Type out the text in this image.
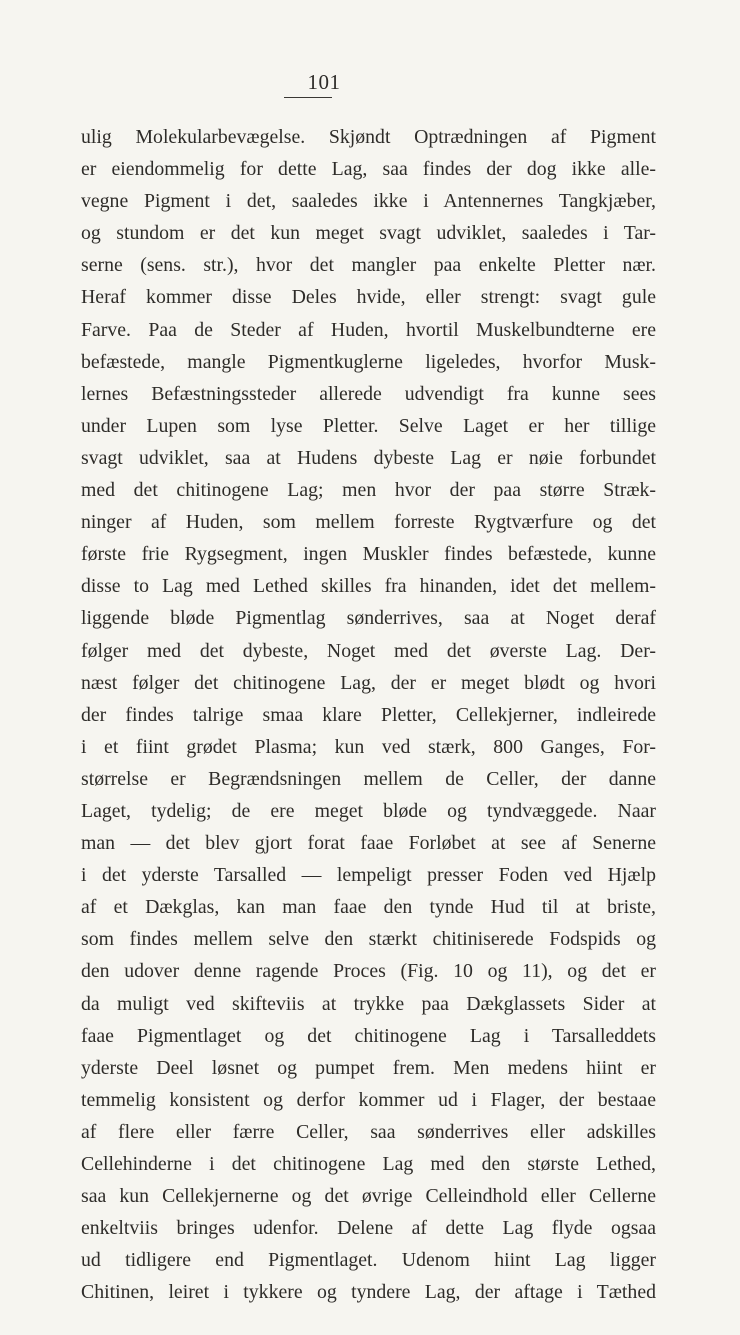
101
ulig Molekularbevægelse. Skjøndt Optrædningen af Pigment
er eiendommelig for dette Lag, saa findes der dog ikke alle-
vegne Pigment i det, saaledes ikke i Antennernes Tangkjæber,
og stundom er det kun meget svagt udviklet, saaledes i Tar-
serne (sens. str.), hvor det mangler paa enkelte Pletter nær.
Heraf kommer disse Deles hvide, eller strengt: svagt gule
Farve. Paa de Steder af Huden, hvortil Muskelbundterne ere
befæstede, mangle Pigmentkuglerne ligeledes, hvorfor Musk-
lernes Befæstningssteder allerede udvendigt fra kunne sees
under Lupen som lyse Pletter. Selve Laget er her tillige
svagt udviklet, saa at Hudens dybeste Lag er nøie forbundet
med det chitinogene Lag; men hvor der paa større Stræk-
ninger af Huden, som mellem forreste Rygtværfure og det
første frie Rygsegment, ingen Muskler findes befæstede, kunne
disse to Lag med Lethed skilles fra hinanden, idet det mellem-
liggende bløde Pigmentlag sønderrives, saa at Noget deraf
følger med det dybeste, Noget med det øverste Lag. Der-
næst følger det chitinogene Lag, der er meget blødt og hvori
der findes talrige smaa klare Pletter, Cellekjerner, indleirede
i et fiint grødet Plasma; kun ved stærk, 800 Ganges, For-
størrelse er Begrændsningen mellem de Celler, der danne
Laget, tydelig; de ere meget bløde og tyndvæggede. Naar
man — det blev gjort forat faae Forløbet at see af Senerne
i det yderste Tarsalled — lempeligt presser Foden ved Hjælp
af et Dækglas, kan man faae den tynde Hud til at briste,
som findes mellem selve den stærkt chitiniserede Fodspids og
den udover denne ragende Proces (Fig. 10 og 11), og det er
da muligt ved skifteviis at trykke paa Dækglassets Sider at
faae Pigmentlaget og det chitinogene Lag i Tarsalleddets
yderste Deel løsnet og pumpet frem. Men medens hiint er
temmelig konsistent og derfor kommer ud i Flager, der bestaae
af flere eller færre Celler, saa sønderrives eller adskilles
Cellehinderne i det chitinogene Lag med den største Lethed,
saa kun Cellekjernerne og det øvrige Celleindhold eller Cellerne
enkeltviis bringes udenfor. Delene af dette Lag flyde ogsaa
ud tidligere end Pigmentlaget. Udenom hiint Lag ligger
Chitinen, leiret i tykkere og tyndere Lag, der aftage i Tæthed
